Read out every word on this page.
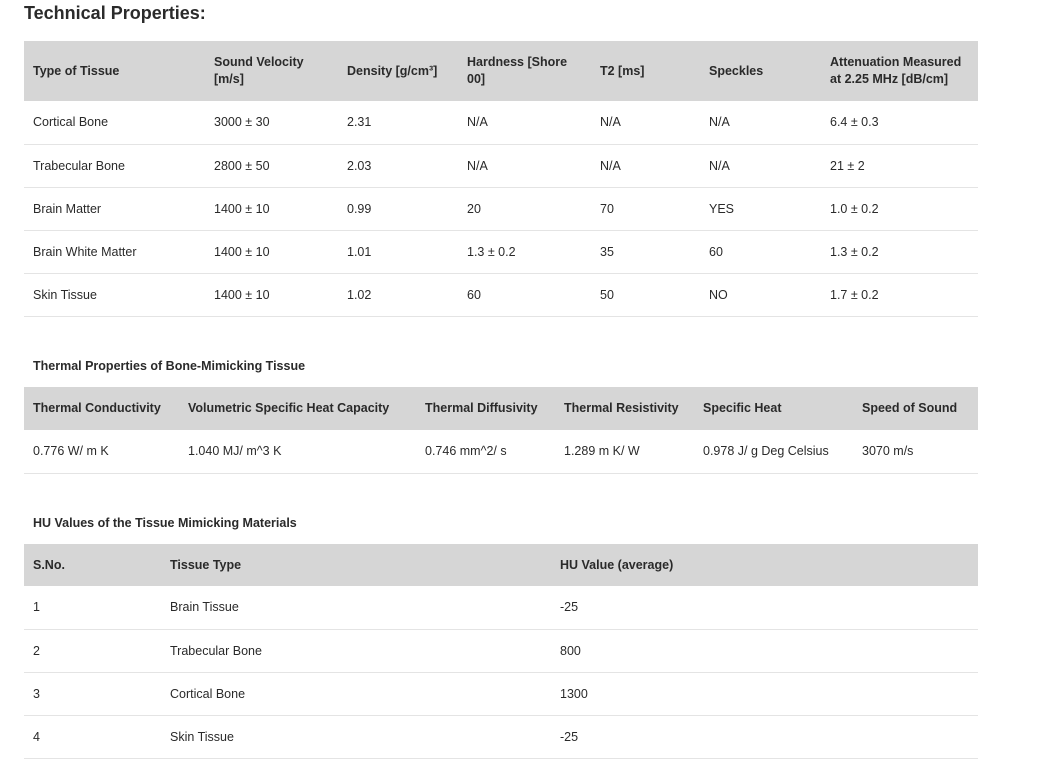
Technical Properties:
Type of Tissue	Sound Velocity [m/s]	Density [g/cm³]	Hardness [Shore 00]	T2 [ms]	Speckles	Attenuation Measured at 2.25 MHz [dB/cm]
Cortical Bone	3000 ± 30	2.31	N/A	N/A	N/A	6.4 ± 0.3
Trabecular Bone	2800 ± 50	2.03	N/A	N/A	N/A	21 ± 2
Brain Matter	1400 ± 10	0.99	20	70	YES	1.0 ± 0.2
Brain White Matter	1400 ± 10	1.01	1.3 ± 0.2	35	60	1.3 ± 0.2
Skin Tissue	1400 ± 10	1.02	60	50	NO	1.7 ± 0.2
Thermal Properties of Bone-Mimicking Tissue
Thermal Conductivity	Volumetric Specific Heat Capacity	Thermal Diffusivity	Thermal Resistivity	Specific Heat	Speed of Sound
0.776 W/ m K	1.040 MJ/ m^3 K	0.746 mm^2/ s	1.289 m K/ W	0.978 J/ g Deg Celsius	3070 m/s
HU Values of the Tissue Mimicking Materials
S.No.	Tissue Type	HU Value (average)
1	Brain Tissue	-25
2	Trabecular Bone	800
3	Cortical Bone	1300
4	Skin Tissue	-25
